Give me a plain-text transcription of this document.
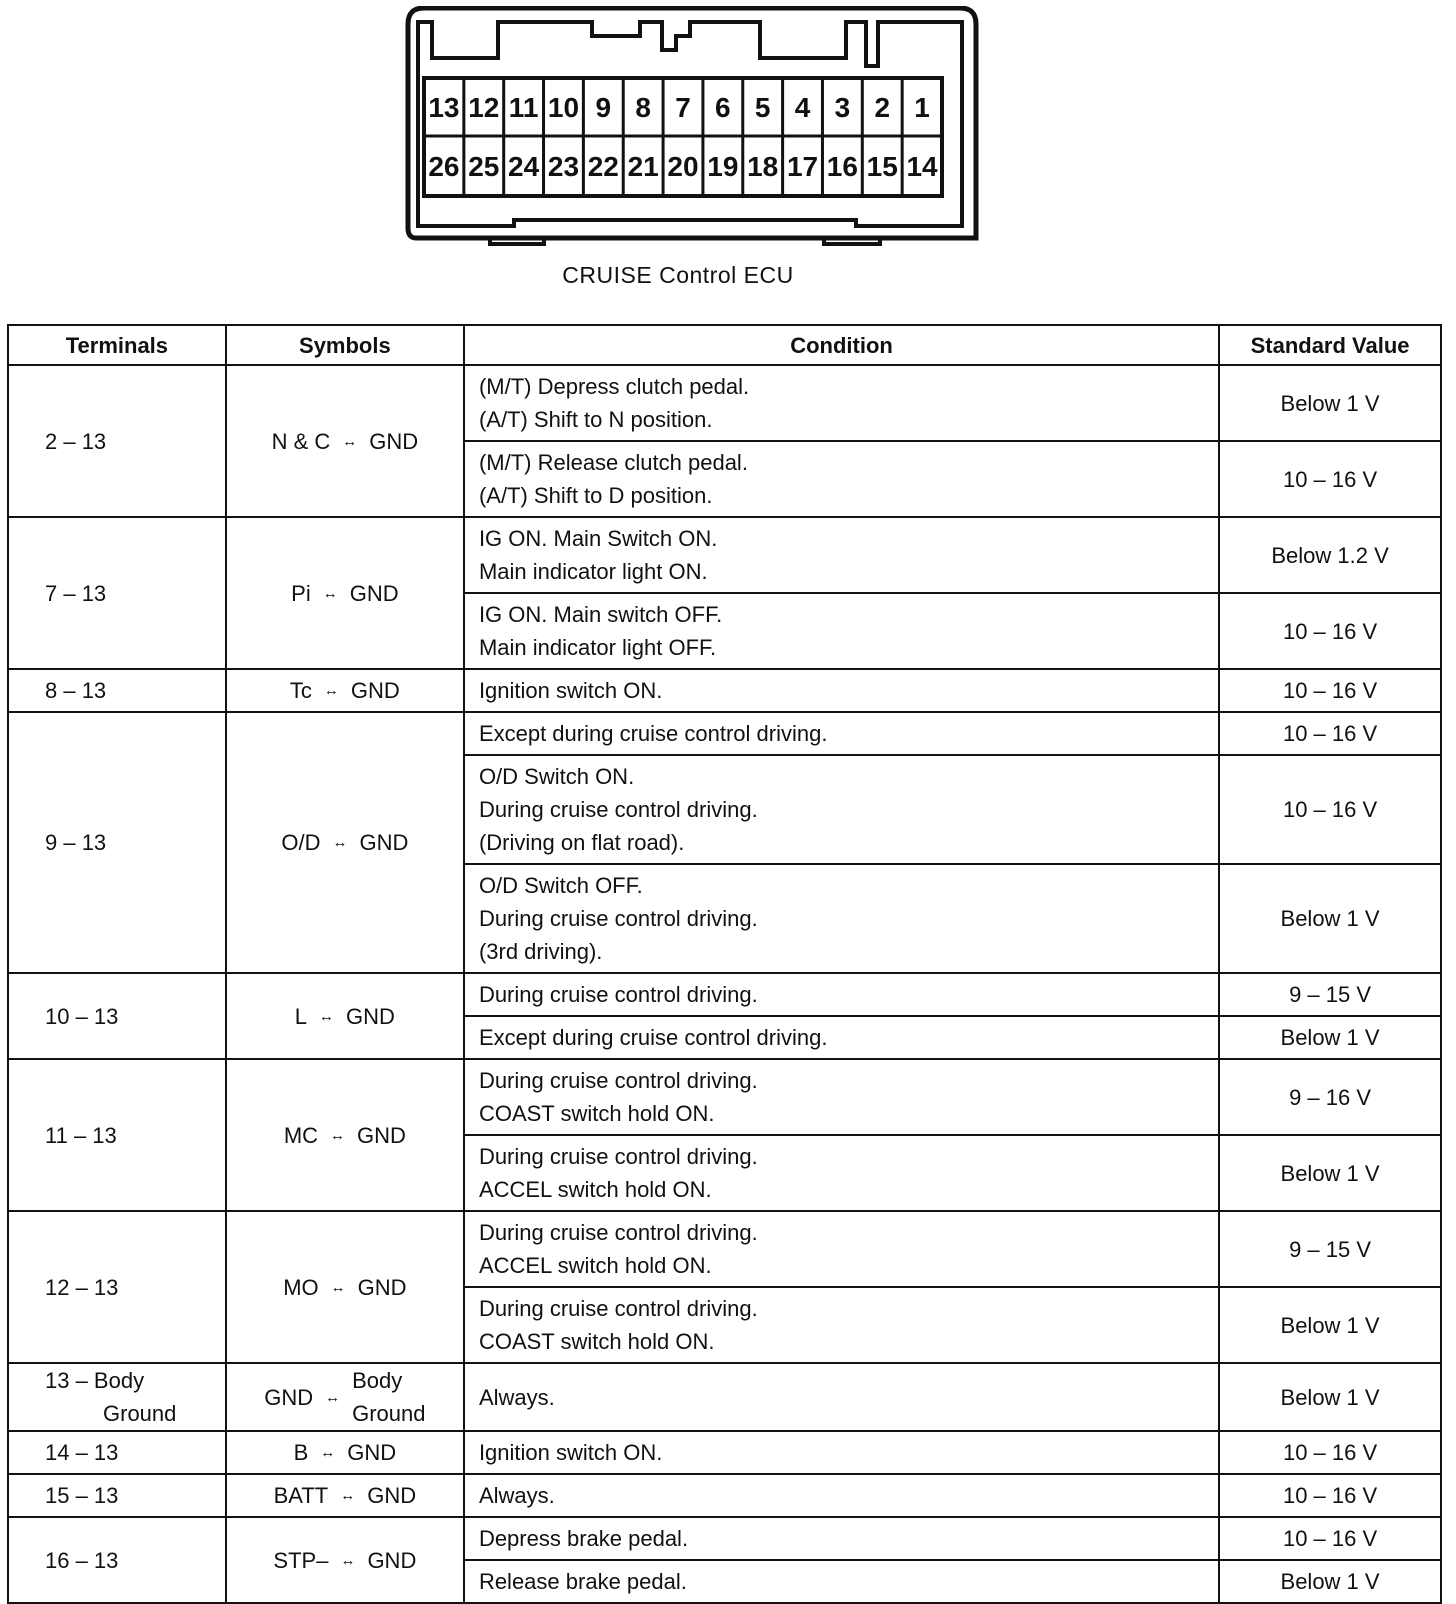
13 12 11 10 9 8 7 6 5 4 3 2 1
26 25 24 23 22 21 20 19 18 17 16 15 14
CRUISE Control ECU
Terminals	Symbols	Condition	Standard Value

2 – 13	N & C ↔ GND	(M/T) Depress clutch pedal.
(A/T) Shift to N position.	Below 1 V

		(M/T) Release clutch pedal.
(A/T) Shift to D position.	10 – 16 V

7 – 13	Pi ↔ GND	IG ON. Main Switch ON.
Main indicator light ON.	Below 1.2 V

		IG ON. Main switch OFF.
Main indicator light OFF.	10 – 16 V

8 – 13	Tc ↔ GND	Ignition switch ON.	10 – 16 V

9 – 13	O/D ↔ GND	Except during cruise control driving.	10 – 16 V

		O/D Switch ON.
During cruise control driving.
(Driving on flat road).	10 – 16 V

		O/D Switch OFF.
During cruise control driving.
(3rd driving).	Below 1 V

10 – 13	L ↔ GND	During cruise control driving.	9 – 15 V

		Except during cruise control driving.	Below 1 V

11 – 13	MC ↔ GND	During cruise control driving.
COAST switch hold ON.	9 – 16 V

		During cruise control driving.
ACCEL switch hold ON.	Below 1 V

12 – 13	MO ↔ GND	During cruise control driving.
ACCEL switch hold ON.	9 – 15 V

		During cruise control driving.
COAST switch hold ON.	Below 1 V

13 – Body
Ground	GND ↔
Body
Ground	Always.	Below 1 V

14 – 13	B ↔ GND	Ignition switch ON.	10 – 16 V

15 – 13	BATT ↔ GND	Always.	10 – 16 V

16 – 13	STP– ↔ GND	Depress brake pedal.	10 – 16 V

		Release brake pedal.	Below 1 V
